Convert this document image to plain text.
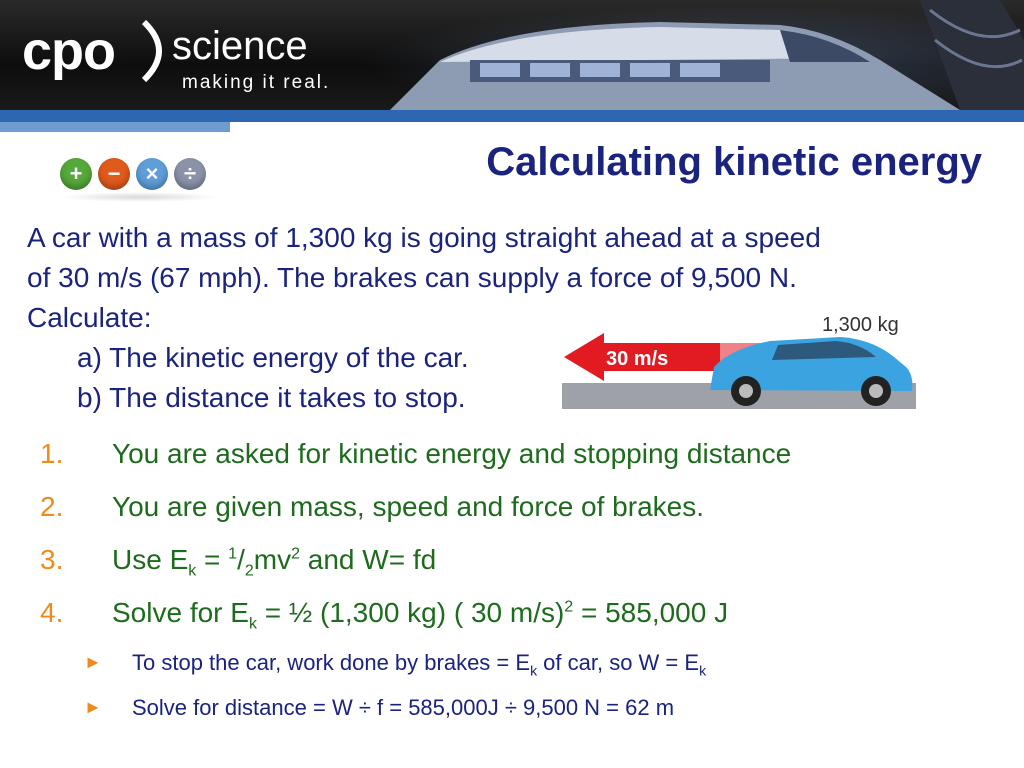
cpo science
making it real.
+	−	×	÷	Calculating kinetic energy
A car with a mass of 1,300 kg is going straight ahead at a speed
of 30 m/s (67 mph). The brakes can supply a force of 9,500 N.
Calculate:
a) The kinetic energy of the car.
b) The distance it takes to stop.
1,300 kg
30 m/s
1. You are asked for kinetic energy and stopping distance
2. You are given mass, speed and force of brakes.
3. Use $E_k = ^1/_2mv^2$ and W= fd
4. Solve for $E_k$ = ½ (1,300 kg) ( 30 m/s)$^2$ = 585,000 J
► To stop the car, work done by brakes = $E_k$ of car, so $W = E_k$
► Solve for distance = W ÷ f = 585,000J ÷ 9,500 N = 62 m
